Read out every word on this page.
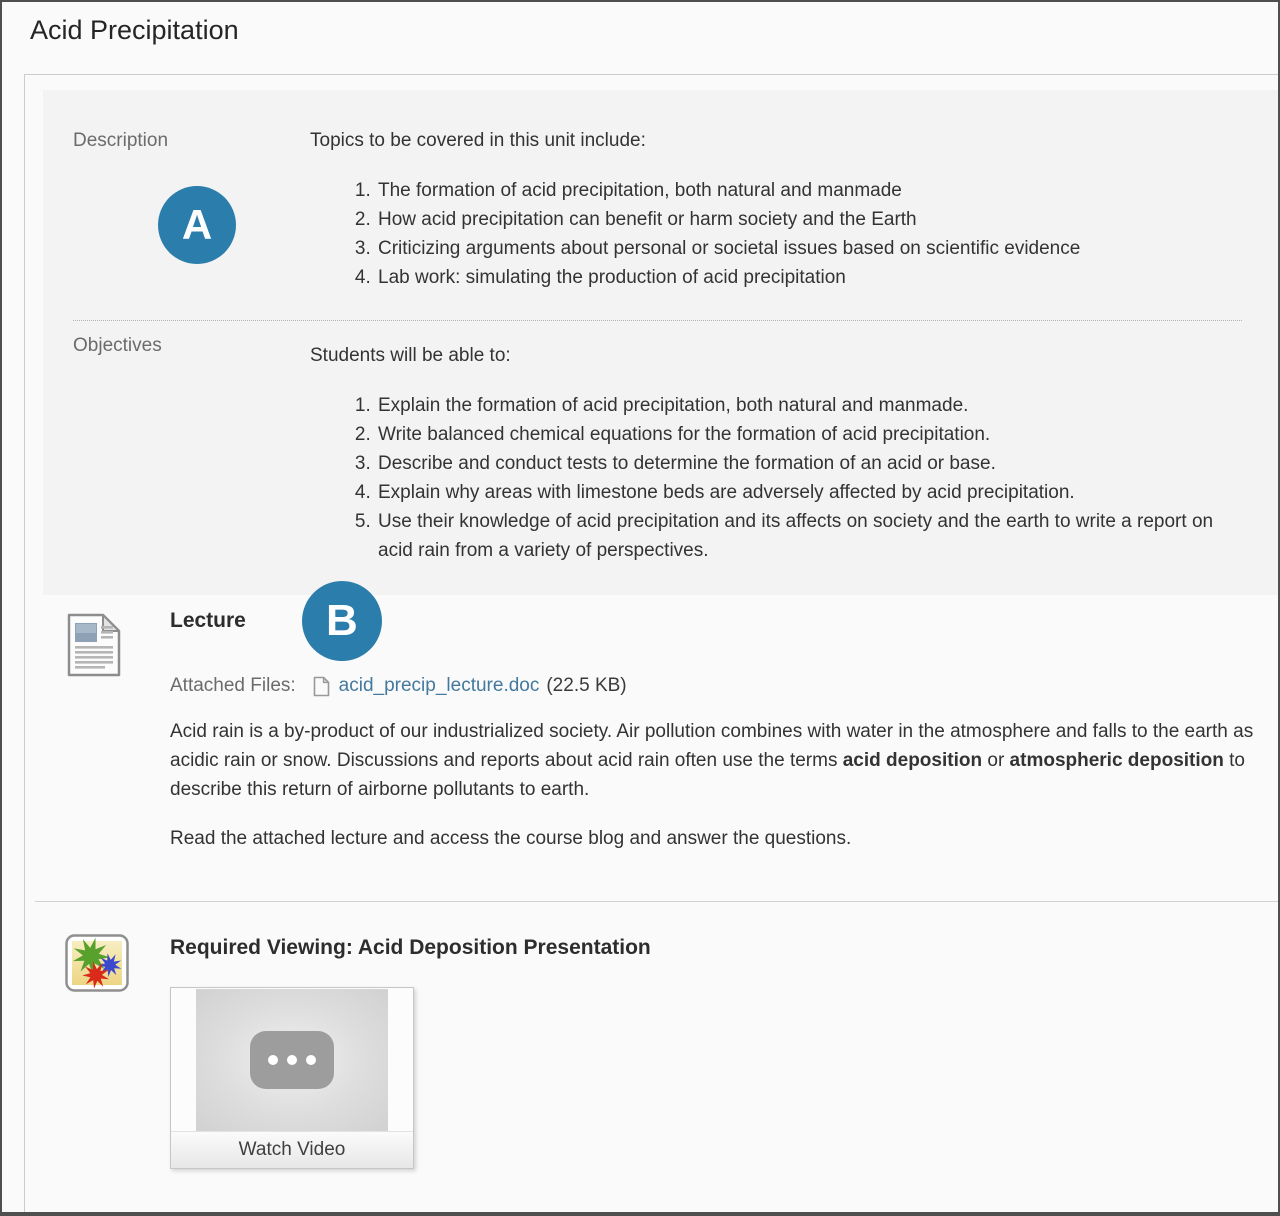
Acid Precipitation
Description
A

Topics to be covered in this unit include:

1. The formation of acid precipitation, both natural and manmade
2. How acid precipitation can benefit or harm society and the Earth
3. Criticizing arguments about personal or societal issues based on scientific evidence
4. Lab work: simulating the production of acid precipitation
Objectives	Students will be able to:

1. Explain the formation of acid precipitation, both natural and manmade.
2. Write balanced chemical equations for the formation of acid precipitation.
3. Describe and conduct tests to determine the formation of an acid or base.
4. Explain why areas with limestone beds are adversely affected by acid precipitation.
5. Use their knowledge of acid precipitation and its affects on society and the earth to write a report on acid rain from a variety of perspectives.
Lecture	B
Attached Files: acid_precip_lecture.doc (22.5 KB)

Acid rain is a by-product of our industrialized society. Air pollution combines with water in the atmosphere and falls to the earth as acidic rain or snow. Discussions and reports about acid rain often use the terms acid deposition or atmospheric deposition to describe this return of airborne pollutants to earth.

Read the attached lecture and access the course blog and answer the questions.

Required Viewing: Acid Deposition Presentation
Watch Video
